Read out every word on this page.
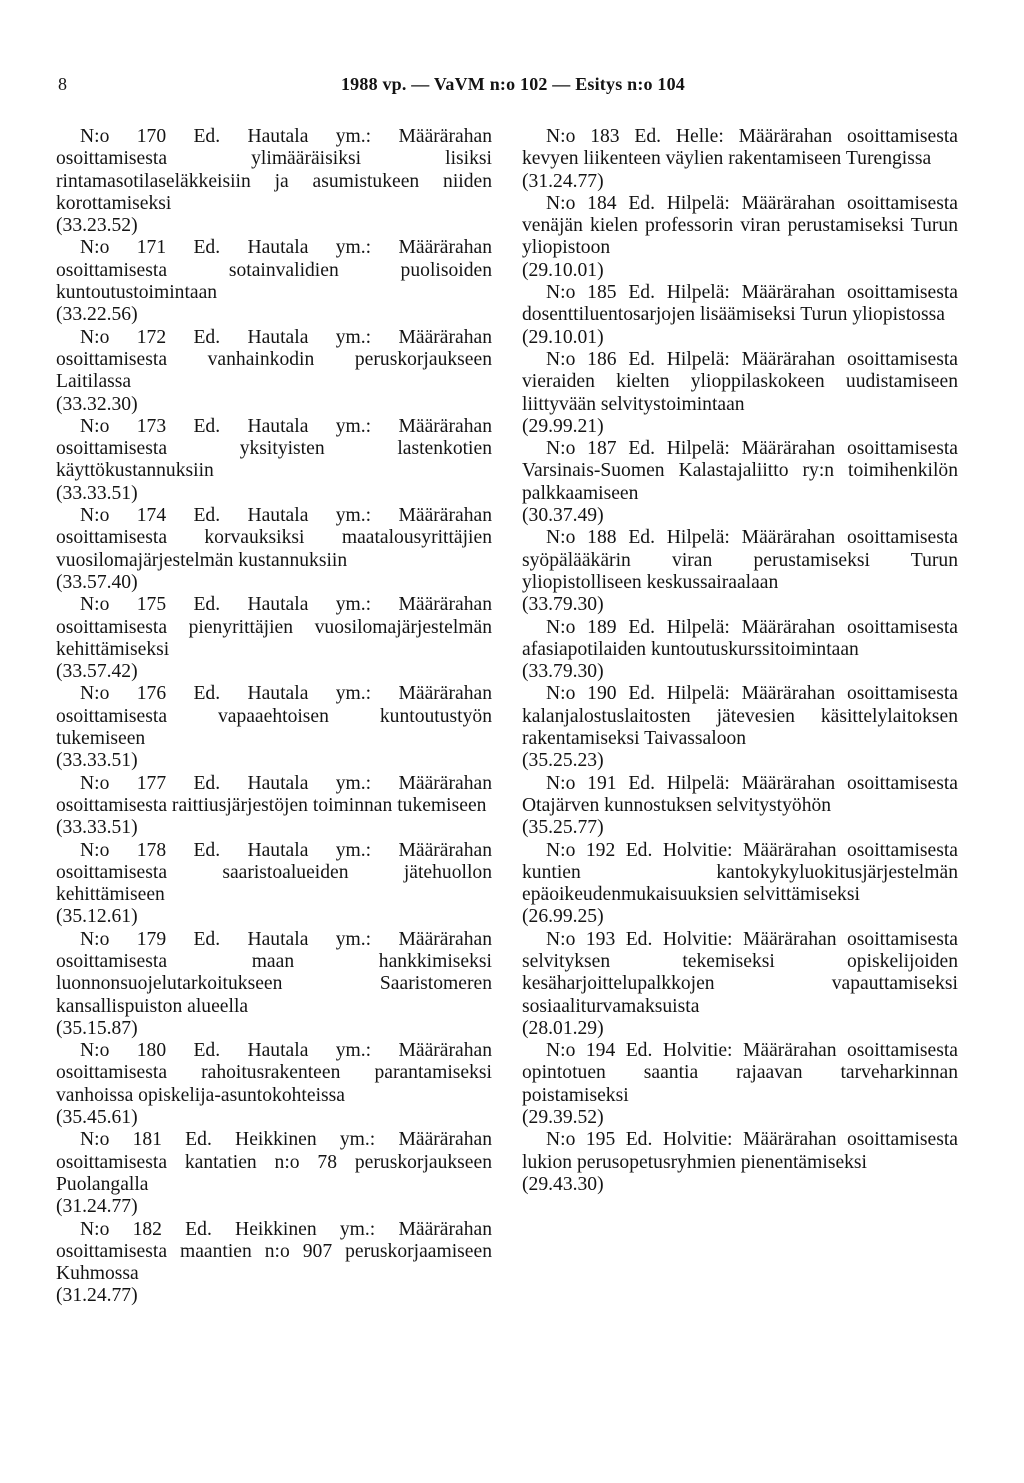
8	1988 vp. — VaVM n:o 102 — Esitys n:o 104

N:o 170 Ed. Hautala ym.: Määrärahan osoittamisesta ylimääräisiksi lisiksi rintamasotilaseläkkeisiin ja asumistukeen niiden korottamiseksi

(33.23.52)

N:o 171 Ed. Hautala ym.: Määrärahan osoittamisesta sotainvalidien puolisoiden kuntoutustoimintaan

(33.22.56)

N:o 172 Ed. Hautala ym.: Määrärahan osoittamisesta vanhainkodin peruskorjaukseen Laitilassa

(33.32.30)

N:o 173 Ed. Hautala ym.: Määrärahan osoittamisesta yksityisten lastenkotien käyttökustannuksiin

(33.33.51)

N:o 174 Ed. Hautala ym.: Määrärahan osoittamisesta korvauksiksi maatalousyrittäjien vuosilomajärjestelmän kustannuksiin

(33.57.40)

N:o 175 Ed. Hautala ym.: Määrärahan osoittamisesta pienyrittäjien vuosilomajärjestelmän kehittämiseksi

(33.57.42)

N:o 176 Ed. Hautala ym.: Määrärahan osoittamisesta vapaaehtoisen kuntoutustyön tukemiseen

(33.33.51)

N:o 177 Ed. Hautala ym.: Määrärahan osoittamisesta raittiusjärjestöjen toiminnan tukemiseen

(33.33.51)

N:o 178 Ed. Hautala ym.: Määrärahan osoittamisesta saaristoalueiden jätehuollon kehittämiseen

(35.12.61)

N:o 179 Ed. Hautala ym.: Määrärahan osoittamisesta maan hankkimiseksi luonnonsuojelutarkoitukseen Saaristomeren kansallispuiston alueella

(35.15.87)

N:o 180 Ed. Hautala ym.: Määrärahan osoittamisesta rahoitusrakenteen parantamiseksi vanhoissa opiskelija-asuntokohteissa

(35.45.61)

N:o 181 Ed. Heikkinen ym.: Määrärahan osoittamisesta kantatien n:o 78 peruskorjaukseen Puolangalla

(31.24.77)

N:o 182 Ed. Heikkinen ym.: Määrärahan osoittamisesta maantien n:o 907 peruskorjaamiseen Kuhmossa

(31.24.77)

N:o 183 Ed. Helle: Määrärahan osoittamisesta kevyen liikenteen väylien rakentamiseen Turengissa

(31.24.77)

N:o 184 Ed. Hilpelä: Määrärahan osoittamisesta venäjän kielen professorin viran perustamiseksi Turun yliopistoon

(29.10.01)

N:o 185 Ed. Hilpelä: Määrärahan osoittamisesta dosenttiluentosarjojen lisäämiseksi Turun yliopistossa

(29.10.01)

N:o 186 Ed. Hilpelä: Määrärahan osoittamisesta vieraiden kielten ylioppilaskokeen uudistamiseen liittyvään selvitystoimintaan

(29.99.21)

N:o 187 Ed. Hilpelä: Määrärahan osoittamisesta Varsinais-Suomen Kalastajaliitto ry:n toimihenkilön palkkaamiseen

(30.37.49)

N:o 188 Ed. Hilpelä: Määrärahan osoittamisesta syöpälääkärin viran perustamiseksi Turun yliopistolliseen keskussairaalaan

(33.79.30)

N:o 189 Ed. Hilpelä: Määrärahan osoittamisesta afasiapotilaiden kuntoutuskurssitoimintaan

(33.79.30)

N:o 190 Ed. Hilpelä: Määrärahan osoittamisesta kalanjalostuslaitosten jätevesien käsittelylaitoksen rakentamiseksi Taivassaloon

(35.25.23)

N:o 191 Ed. Hilpelä: Määrärahan osoittamisesta Otajärven kunnostuksen selvitystyöhön

(35.25.77)

N:o 192 Ed. Holvitie: Määrärahan osoittamisesta kuntien kantokykyluokitusjärjestelmän epäoikeudenmukaisuuksien selvittämiseksi

(26.99.25)

N:o 193 Ed. Holvitie: Määrärahan osoittamisesta selvityksen tekemiseksi opiskelijoiden kesäharjoittelupalkkojen vapauttamiseksi sosiaaliturvamaksuista

(28.01.29)

N:o 194 Ed. Holvitie: Määrärahan osoittamisesta opintotuen saantia rajaavan tarveharkinnan poistamiseksi

(29.39.52)

N:o 195 Ed. Holvitie: Määrärahan osoittamisesta lukion perusopetusryhmien pienentämiseksi

(29.43.30)
